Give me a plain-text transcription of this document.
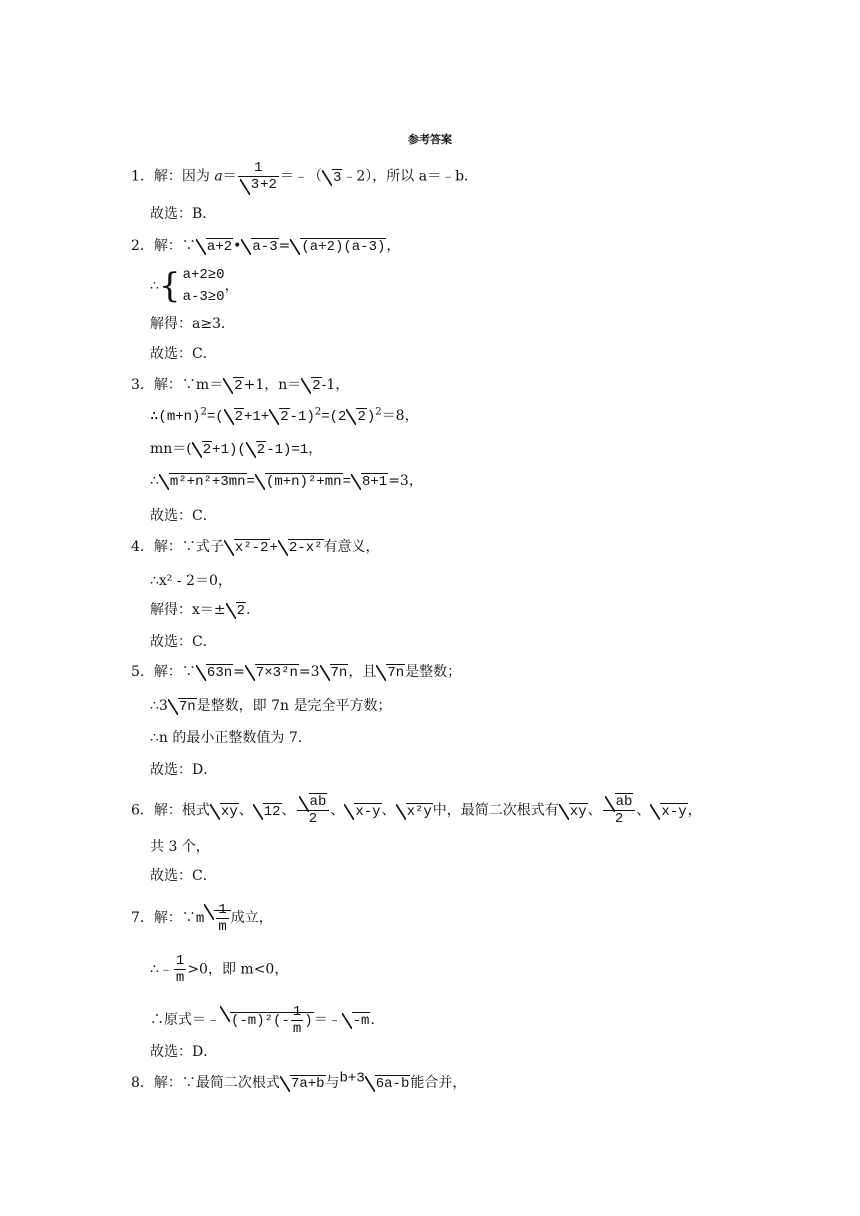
参考答案
1．解：因为 $a= \frac{1}{3+2}$ ＝﹣（ 3﹣2），所以 a＝﹣b．
故选：B．
2．解：∵ a+2• a-3= (a+2)(a-3)，
∴ { a+2≥0
a-3≥0
，
解得：a≥3．
故选：C．
3．解：∵m＝ 2+1，n＝ 2-1，
$\therefore(m+n)^2=$( 2+1+ 2-1)$^2$=(2 2)$^2$＝8，
mn＝( 2+1)( 2-1)=1，
∴ m²+n²+3mn= (m+n)²+mn= 8+1=3，
故选：C．
4．解：∵式子 x²-2+ 2-x²有意义，
∴x² - 2＝0，
解得：x＝± 2.
故选：C．
5．解：∵ 63n= 7×3²n=3 7n，且 7n是整数；
∴3 7n是整数，即 7n 是完全平方数；
∴n 的最小正整数值为 7.
故选：D．
6．解：根式 xy、 12、 $\frac{ab}{2}$ 、 x-y、 x²y中，最简二次根式有 xy、 $\frac{ab}{2}$ 、 x-y，
共 3 个，
故选：C．
7．解：∵m $\frac{1}{m}$ 成立，
∴﹣ $\frac{1}{m} >0$，即 m<0，
∴原式＝﹣ $(-m)^2(- \frac{1}{m}$ )＝﹣ -m.
故选：D．
8．解：∵最简二次根式 7a+b与$^{b+3}$ 6a-b能合并，
